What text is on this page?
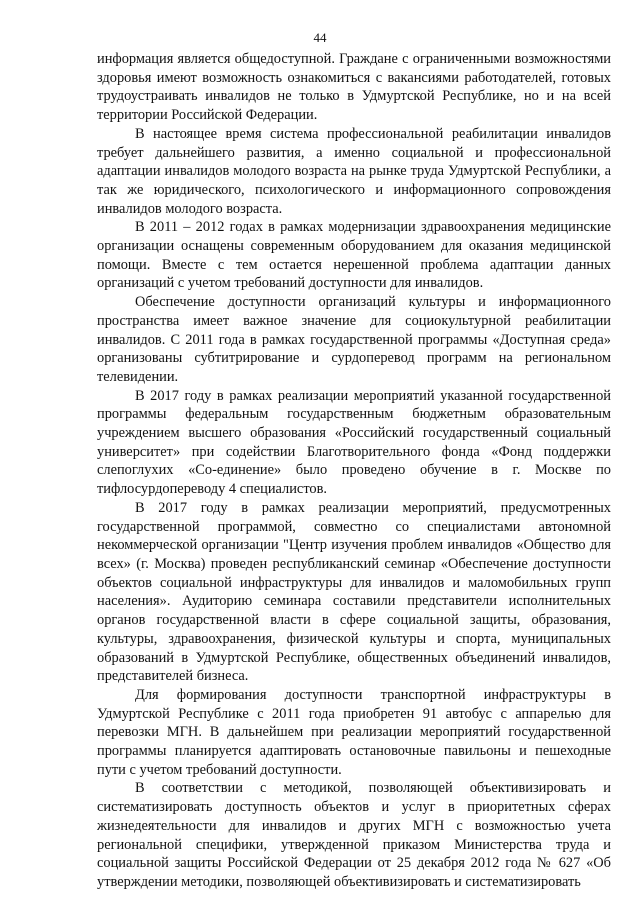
44

информация является общедоступной. Граждане с ограниченными возможностями здоровья имеют возможность ознакомиться с вакансиями работодателей, готовых трудоустраивать инвалидов не только в Удмуртской Республике, но и на всей территории Российской Федерации.

В настоящее время система профессиональной реабилитации инвалидов требует дальнейшего развития, а именно социальной и профессиональной адаптации инвалидов молодого возраста на рынке труда Удмуртской Республики, а так же юридического, психологического и информационного сопровождения инвалидов молодого возраста.

В 2011 – 2012 годах в рамках модернизации здравоохранения медицинские организации оснащены современным оборудованием для оказания медицинской помощи. Вместе с тем остается нерешенной проблема адаптации данных организаций с учетом требований доступности для инвалидов.

Обеспечение доступности организаций культуры и информационного пространства имеет важное значение для социокультурной реабилитации инвалидов. С 2011 года в рамках государственной программы «Доступная среда» организованы субтитрирование и сурдоперевод программ на региональном телевидении.

В 2017 году в рамках реализации мероприятий указанной государственной программы федеральным государственным бюджетным образовательным учреждением высшего образования «Российский государственный социальный университет» при содействии Благотворительного фонда «Фонд поддержки слепоглухих «Со-единение» было проведено обучение в г. Москве по тифлосурдопереводу 4 специалистов.

В 2017 году в рамках реализации мероприятий, предусмотренных государственной программой, совместно со специалистами автономной некоммерческой организации "Центр изучения проблем инвалидов «Общество для всех» (г. Москва) проведен республиканский семинар «Обеспечение доступности объектов социальной инфраструктуры для инвалидов и маломобильных групп населения». Аудиторию семинара составили представители исполнительных органов государственной власти в сфере социальной защиты, образования, культуры, здравоохранения, физической культуры и спорта, муниципальных образований в Удмуртской Республике, общественных объединений инвалидов, представителей бизнеса.

Для формирования доступности транспортной инфраструктуры в Удмуртской Республике с 2011 года приобретен 91 автобус с аппарелью для перевозки МГН. В дальнейшем при реализации мероприятий государственной программы планируется адаптировать остановочные павильоны и пешеходные пути с учетом требований доступности.

В соответствии с методикой, позволяющей объективизировать и систематизировать доступность объектов и услуг в приоритетных сферах жизнедеятельности для инвалидов и других МГН с возможностью учета региональной специфики, утвержденной приказом Министерства труда и социальной защиты Российской Федерации от 25 декабря 2012 года № 627 «Об утверждении методики, позволяющей объективизировать и систематизировать
